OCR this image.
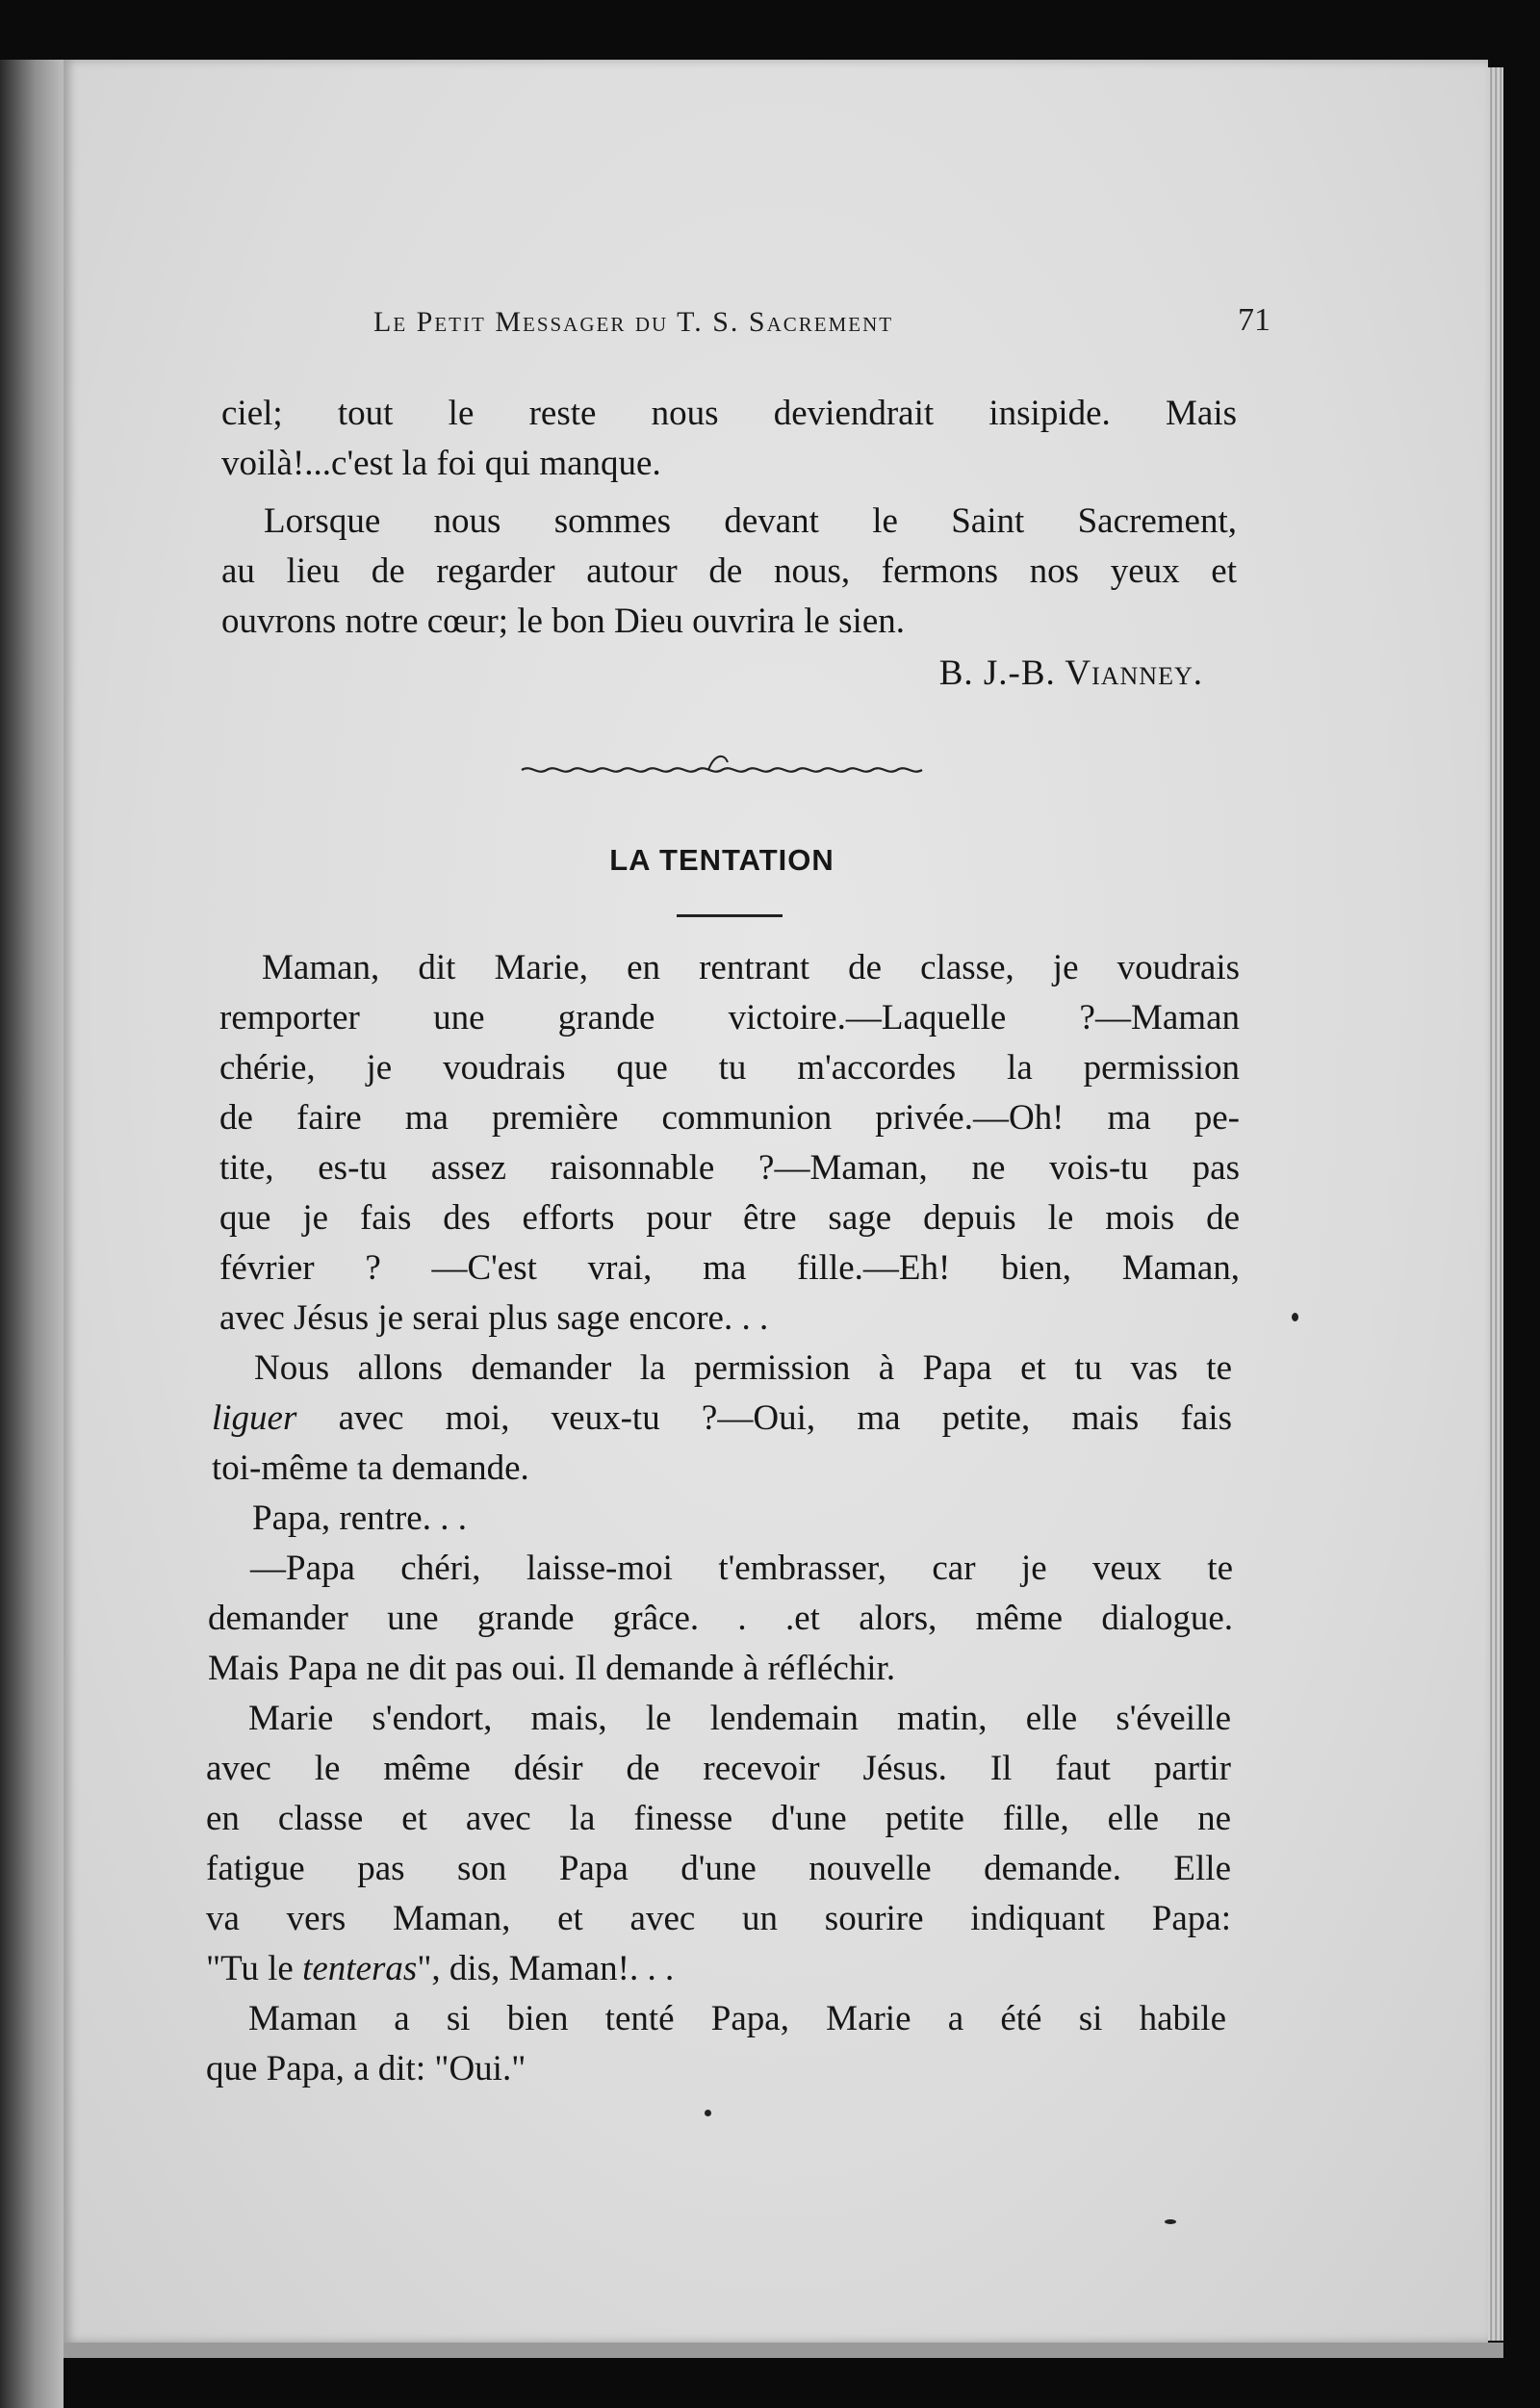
Le Petit Messager du T. S. Sacrement	71
ciel; tout le reste nous deviendrait insipide. Mais
voilà!...c'est la foi qui manque.
Lorsque nous sommes devant le Saint Sacrement,
au lieu de regarder autour de nous, fermons nos yeux et
ouvrons notre cœur; le bon Dieu ouvrira le sien.
B. J.-B. Vianney.
LA TENTATION
Maman, dit Marie, en rentrant de classe, je voudrais
remporter une grande victoire.—Laquelle ?—Maman
chérie, je voudrais que tu m'accordes la permission
de faire ma première communion privée.—Oh! ma pe-
tite, es-tu assez raisonnable ?—Maman, ne vois-tu pas
que je fais des efforts pour être sage depuis le mois de
février ? —C'est vrai, ma fille.—Eh! bien, Maman,
avec Jésus je serai plus sage encore. . .
Nous allons demander la permission à Papa et tu vas te
liguer avec moi, veux-tu ?—Oui, ma petite, mais fais
toi-même ta demande.
Papa, rentre. . .
—Papa chéri, laisse-moi t'embrasser, car je veux te
demander une grande grâce. . .et alors, même dialogue.
Mais Papa ne dit pas oui. Il demande à réfléchir.
Marie s'endort, mais, le lendemain matin, elle s'éveille
avec le même désir de recevoir Jésus. Il faut partir
en classe et avec la finesse d'une petite fille, elle ne
fatigue pas son Papa d'une nouvelle demande. Elle
va vers Maman, et avec un sourire indiquant Papa:
"Tu le tenteras", dis, Maman!. . .
Maman a si bien tenté Papa, Marie a été si habile
que Papa, a dit: "Oui."
